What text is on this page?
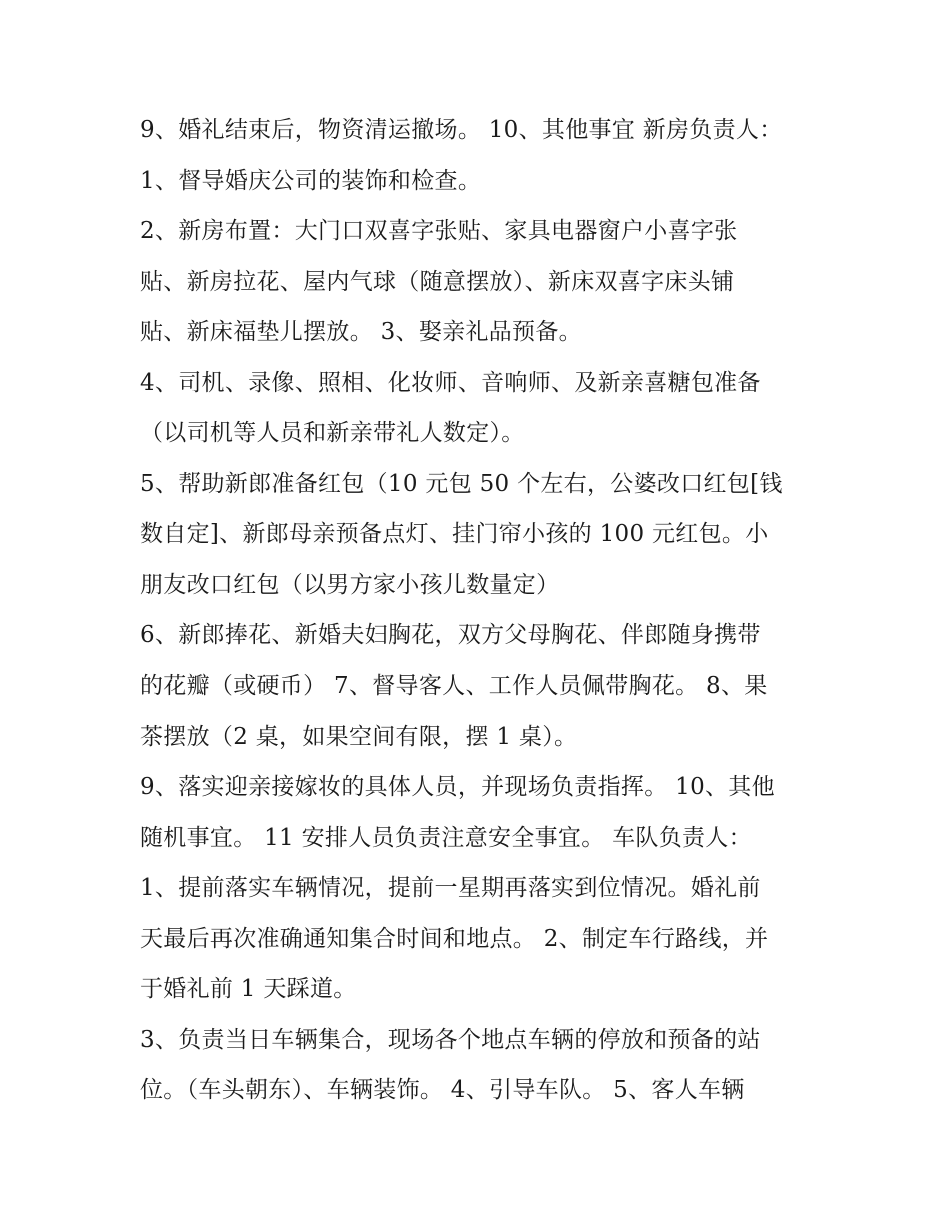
9、婚礼结束后，物资清运撤场。 10、其他事宜 新房负责人：
1、督导婚庆公司的装饰和检查。
2、新房布置：大门口双喜字张贴、家具电器窗户小喜字张
贴、新房拉花、屋内气球（随意摆放）、新床双喜字床头铺
贴、新床福垫儿摆放。 3、娶亲礼品预备。
4、司机、录像、照相、化妆师、音响师、及新亲喜糖包准备
（以司机等人员和新亲带礼人数定）。
5、帮助新郎准备红包（10 元包 50 个左右，公婆改口红包[钱
数自定]、新郎母亲预备点灯、挂门帘小孩的 100 元红包。小
朋友改口红包（以男方家小孩儿数量定）
6、新郎捧花、新婚夫妇胸花，双方父母胸花、伴郎随身携带
的花瓣（或硬币） 7、督导客人、工作人员佩带胸花。 8、果
茶摆放（2 桌，如果空间有限，摆 1 桌）。
9、落实迎亲接嫁妆的具体人员，并现场负责指挥。 10、其他
随机事宜。 11 安排人员负责注意安全事宜。 车队负责人：
1、提前落实车辆情况，提前一星期再落实到位情况。婚礼前
天最后再次准确通知集合时间和地点。 2、制定车行路线，并
于婚礼前 1 天踩道。
3、负责当日车辆集合，现场各个地点车辆的停放和预备的站
位。（车头朝东）、车辆装饰。 4、引导车队。 5、客人车辆
